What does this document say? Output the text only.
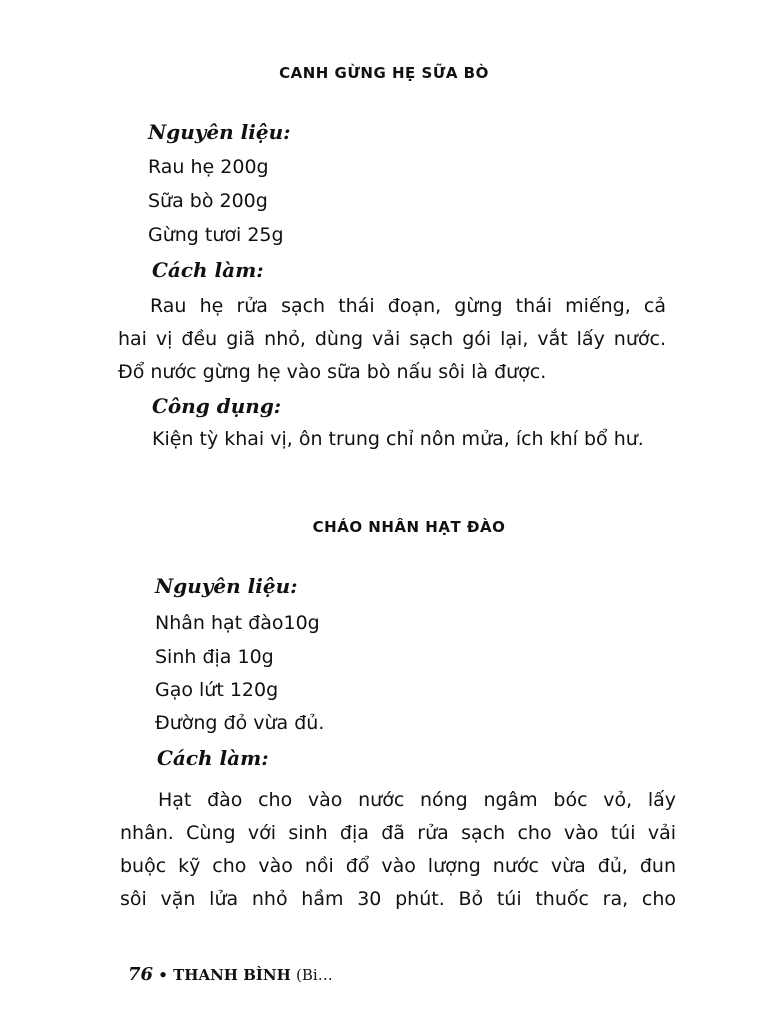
CANH GỪNG HẸ SỮA BÒ
Nguyên liệu:
Rau hẹ 200g
Sữa bò 200g
Gừng tươi 25g
Cách làm:
Rau hẹ rửa sạch thái đoạn, gừng thái miếng, cả
hai vị đều giã nhỏ, dùng vải sạch gói lại, vắt lấy nước.
Đổ nước gừng hẹ vào sữa bò nấu sôi là được.
Công dụng:
Kiện tỳ khai vị, ôn trung chỉ nôn mửa, ích khí bổ hư.
CHÁO NHÂN HẠT ĐÀO
Nguyên liệu:
Nhân hạt đào10g
Sinh địa 10g
Gạo lứt 120g
Đường đỏ vừa đủ.
Cách làm:
Hạt đào cho vào nước nóng ngâm bóc vỏ, lấy
nhân. Cùng với sinh địa đã rửa sạch cho vào túi vải
buộc kỹ cho vào nồi đổ vào lượng nước vừa đủ, đun
sôi vặn lửa nhỏ hầm 30 phút. Bỏ túi thuốc ra, cho
76 • THANH BÌNH (Bi…
